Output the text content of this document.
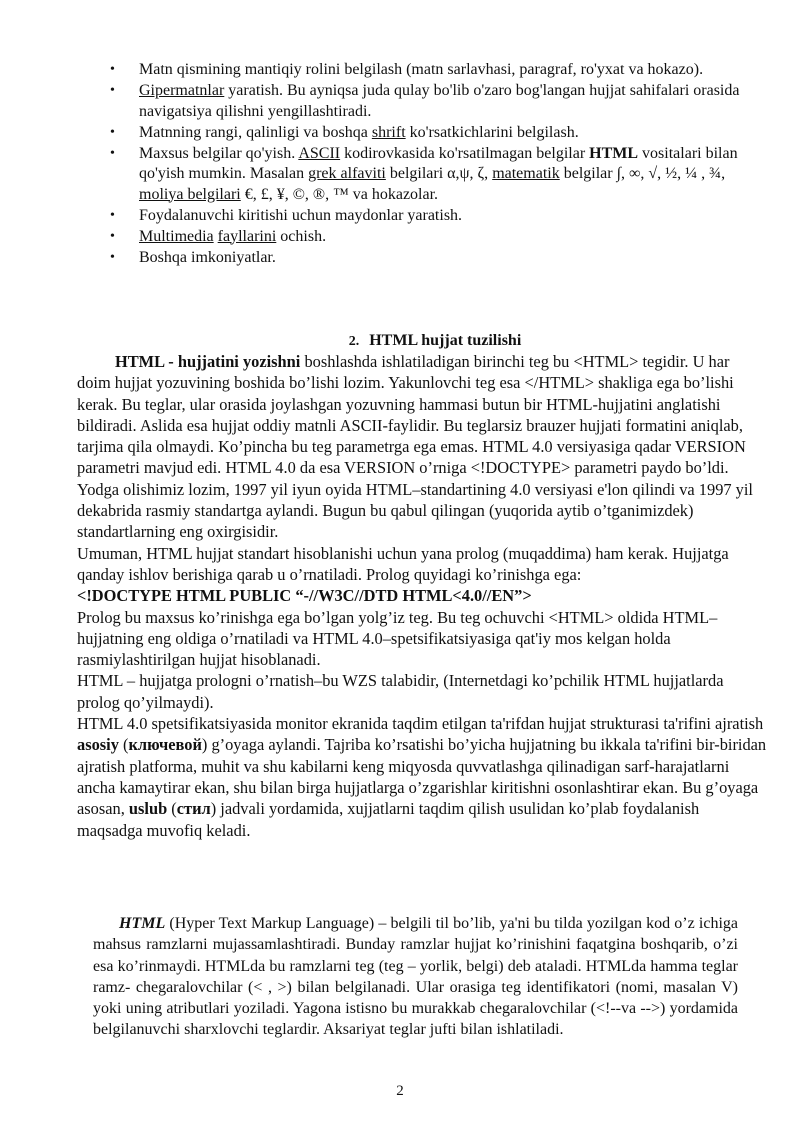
• Matn qismining mantiqiy rolini belgilash (matn sarlavhasi, paragraf, ro'yxat va hokazo).
• Gipermatnlar yaratish. Bu ayniqsa juda qulay bo'lib o'zaro bog'langan hujjat sahifalari orasida navigatsiya qilishni yengillashtiradi.
• Matnning rangi, qalinligi va boshqa shrift ko'rsatkichlarini belgilash.
• Maxsus belgilar qo'yish. ASCII kodirovkasida ko'rsatilmagan belgilar HTML vositalari bilan qo'yish mumkin. Masalan grek alfaviti belgilari α,ψ, ζ, matematik belgilar ∫, ∞, √, ½, ¼ , ¾, moliya belgilari €, £, ¥, ©, ®, ™ va hokazolar.
• Foydalanuvchi kiritishi uchun maydonlar yaratish.
• Multimedia fayllarini ochish.
• Boshqa imkoniyatlar.
2. HTML hujjat tuzilishi

HTML - hujjatini yozishni boshlashda ishlatiladigan birinchi teg bu <HTML> tegidir. U har doim hujjat yozuvining boshida bo’lishi lozim. Yakunlovchi teg esa </HTML> shakliga ega bo’lishi kerak. Bu teglar, ular orasida joylashgan yozuvning hammasi butun bir HTML-hujjatini anglatishi bildiradi. Aslida esa hujjat oddiy matnli ASCII-faylidir. Bu teglarsiz brauzer hujjati formatini aniqlab, tarjima qila olmaydi. Ko’pincha bu teg parametrga ega emas. HTML 4.0 versiyasiga qadar VERSION parametri mavjud edi. HTML 4.0 da esa VERSION o’rniga <!DOCTYPE> parametri paydo bo’ldi. Yodga olishimiz lozim, 1997 yil iyun oyida HTML–standartining 4.0 versiyasi e'lon qilindi va 1997 yil dekabrida rasmiy standartga aylandi. Bugun bu qabul qilingan (yuqorida aytib o’tganimizdek) standartlarning eng oxirgisidir.

Umuman, HTML hujjat standart hisoblanishi uchun yana prolog (muqaddima) ham kerak. Hujjatga qanday ishlov berishiga qarab u o’rnatiladi. Prolog quyidagi ko’rinishga ega:

<!DOCTYPE HTML PUBLIC “-//W3C//DTD HTML<4.0//EN”>

Prolog bu maxsus ko’rinishga ega bo’lgan yolg’iz teg. Bu teg ochuvchi <HTML> oldida HTML–hujjatning eng oldiga o’rnatiladi va HTML 4.0–spetsifikatsiyasiga qat'iy mos kelgan holda rasmiylashtirilgan hujjat hisoblanadi.

HTML – hujjatga prologni o’rnatish–bu WZS talabidir, (Internetdagi ko’pchilik HTML hujjatlarda prolog qo’yilmaydi).

HTML 4.0 spetsifikatsiyasida monitor ekranida taqdim etilgan ta'rifdan hujjat strukturasi ta'rifini ajratish asosiy (ключевой) g’oyaga aylandi. Tajriba ko’rsatishi bo’yicha hujjatning bu ikkala ta'rifini bir-biridan ajratish platforma, muhit va shu kabilarni keng miqyosda quvvatlashga qilinadigan sarf-harajatlarni ancha kamaytirar ekan, shu bilan birga hujjatlarga o’zgarishlar kiritishni osonlashtirar ekan. Bu g’oyaga asosan, uslub (стил) jadvali yordamida, xujjatlarni taqdim qilish usulidan ko’plab foydalanish maqsadga muvofiq keladi.

HTML (Hyper Text Markup Language) – belgili til bo’lib, ya'ni bu tilda yozilgan kod o’z ichiga mahsus ramzlarni mujassamlashtiradi. Bunday ramzlar hujjat ko’rinishini faqatgina boshqarib, o’zi esa ko’rinmaydi. HTMLda bu ramzlarni teg (teg – yorlik, belgi) deb ataladi. HTMLda hamma teglar ramz- chegaralovchilar (< , >) bilan belgilanadi. Ular orasiga teg identifikatori (nomi, masalan V) yoki uning atributlari yoziladi. Yagona istisno bu murakkab chegaralovchilar (<!--va -->) yordamida belgilanuvchi sharxlovchi teglardir. Aksariyat teglar jufti bilan ishlatiladi.
2
